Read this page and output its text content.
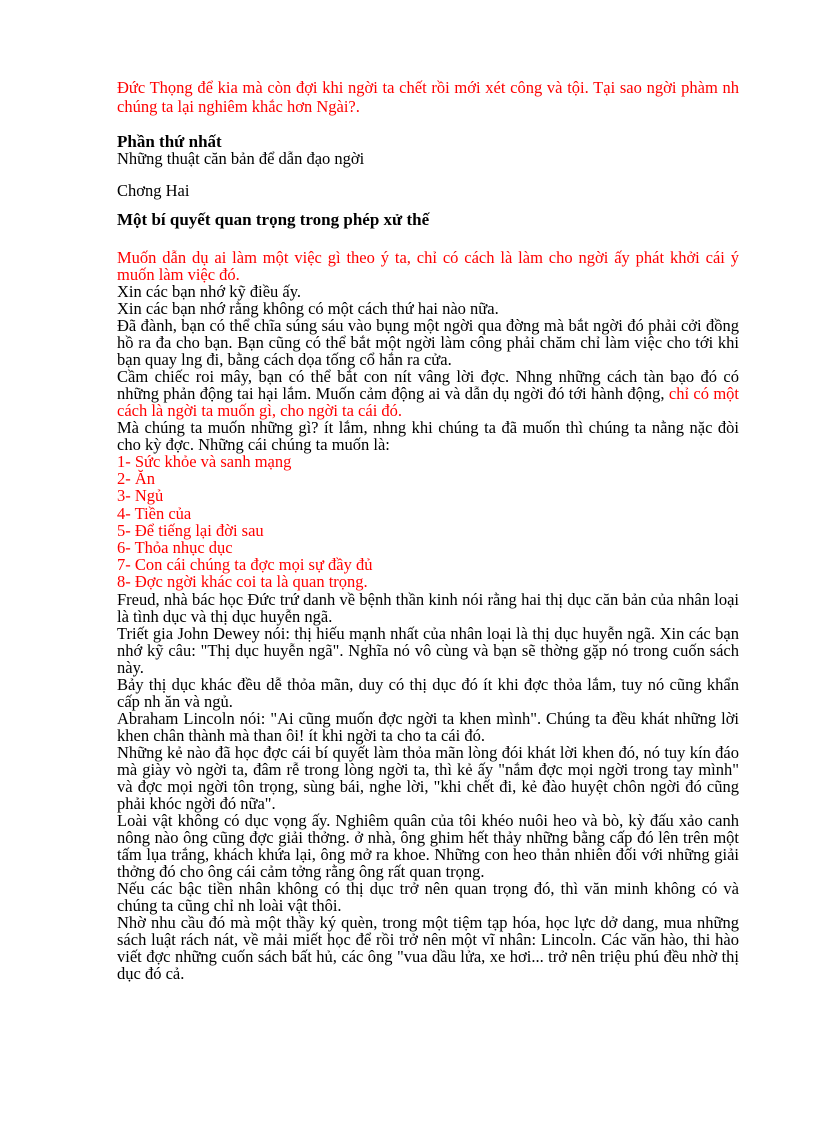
Đức Thọng để kia mà còn đợi khi ngời ta chết rồi mới xét công và tội. Tại sao ngời phàm nh chúng ta lại nghiêm khắc hơn Ngài?.

Phần thứ nhất

Những thuật căn bản để dẫn đạo ngời

Chơng Hai

Một bí quyết quan trọng trong phép xử thế

Muốn dẫn dụ ai làm một việc gì theo ý ta, chỉ có cách là làm cho ngời ấy phát khởi cái ý muốn làm việc đó.

Xin các bạn nhớ kỹ điều ấy.

Xin các bạn nhớ rằng không có một cách thứ hai nào nữa.

Đã đành, bạn có thể chĩa súng sáu vào bụng một ngời qua đờng mà bắt ngời đó phải cởi đồng hồ ra đa cho bạn. Bạn cũng có thể bắt một ngời làm công phải chăm chỉ làm việc cho tới khi bạn quay lng đi, bằng cách dọa tống cổ hắn ra cửa.

Cầm chiếc roi mây, bạn có thể bắt con nít vâng lời đợc. Nhng những cách tàn bạo đó có những phản động tai hại lắm. Muốn cảm động ai và dẫn dụ ngời đó tới hành động, chỉ có một cách là ngời ta muốn gì, cho ngời ta cái đó.

Mà chúng ta muốn những gì? ít lắm, nhng khi chúng ta đã muốn thì chúng ta nằng nặc đòi cho kỳ đợc. Những cái chúng ta muốn là:

1- Sức khỏe và sanh mạng

2- Ăn

3- Ngủ

4- Tiền của

5- Để tiếng lại đời sau

6- Thỏa nhục dục

7- Con cái chúng ta đợc mọi sự đầy đủ

8- Đợc ngời khác coi ta là quan trọng.

Freud, nhà bác học Đức trứ danh về bệnh thần kinh nói rằng hai thị dục căn bản của nhân loại là tình dục và thị dục huyễn ngã.

Triết gia John Dewey nói: thị hiếu mạnh nhất của nhân loại là thị dục huyễn ngã. Xin các bạn nhớ kỹ câu: "Thị dục huyễn ngã". Nghĩa nó vô cùng và bạn sẽ thờng gặp nó trong cuốn sách này.

Bảy thị dục khác đều dễ thỏa mãn, duy có thị dục đó ít khi đợc thỏa lắm, tuy nó cũng khẩn cấp nh ăn và ngủ.

Abraham Lincoln nói: "Ai cũng muốn đợc ngời ta khen mình". Chúng ta đều khát những lời khen chân thành mà than ôi! ít khi ngời ta cho ta cái đó.

Những kẻ nào đã học đợc cái bí quyết làm thỏa mãn lòng đói khát lời khen đó, nó tuy kín đáo mà giày vò ngời ta, đâm rễ trong lòng ngời ta, thì kẻ ấy "nắm đợc mọi ngời trong tay mình" và đợc mọi ngời tôn trọng, sùng bái, nghe lời, "khi chết đi, kẻ đào huyệt chôn ngời đó cũng phải khóc ngời đó nữa".

Loài vật không có dục vọng ấy. Nghiêm quân của tôi khéo nuôi heo và bò, kỳ đấu xảo canh nông nào ông cũng đợc giải thởng. ở nhà, ông ghim hết thảy những bằng cấp đó lên trên một tấm lụa trắng, khách khứa lại, ông mở ra khoe. Những con heo thản nhiên đối với những giải thởng đó cho ông cái cảm tởng rằng ông rất quan trọng.

Nếu các bậc tiền nhân không có thị dục trở nên quan trọng đó, thì văn minh không có và chúng ta cũng chỉ nh loài vật thôi.

Nhờ nhu cầu đó mà một thầy ký quèn, trong một tiệm tạp hóa, học lực dở dang, mua những sách luật rách nát, về mải miết học để rồi trở nên một vĩ nhân: Lincoln. Các văn hào, thi hào viết đợc những cuốn sách bất hủ, các ông "vua dầu lửa, xe hơi... trở nên triệu phú đều nhờ thị dục đó cả.
